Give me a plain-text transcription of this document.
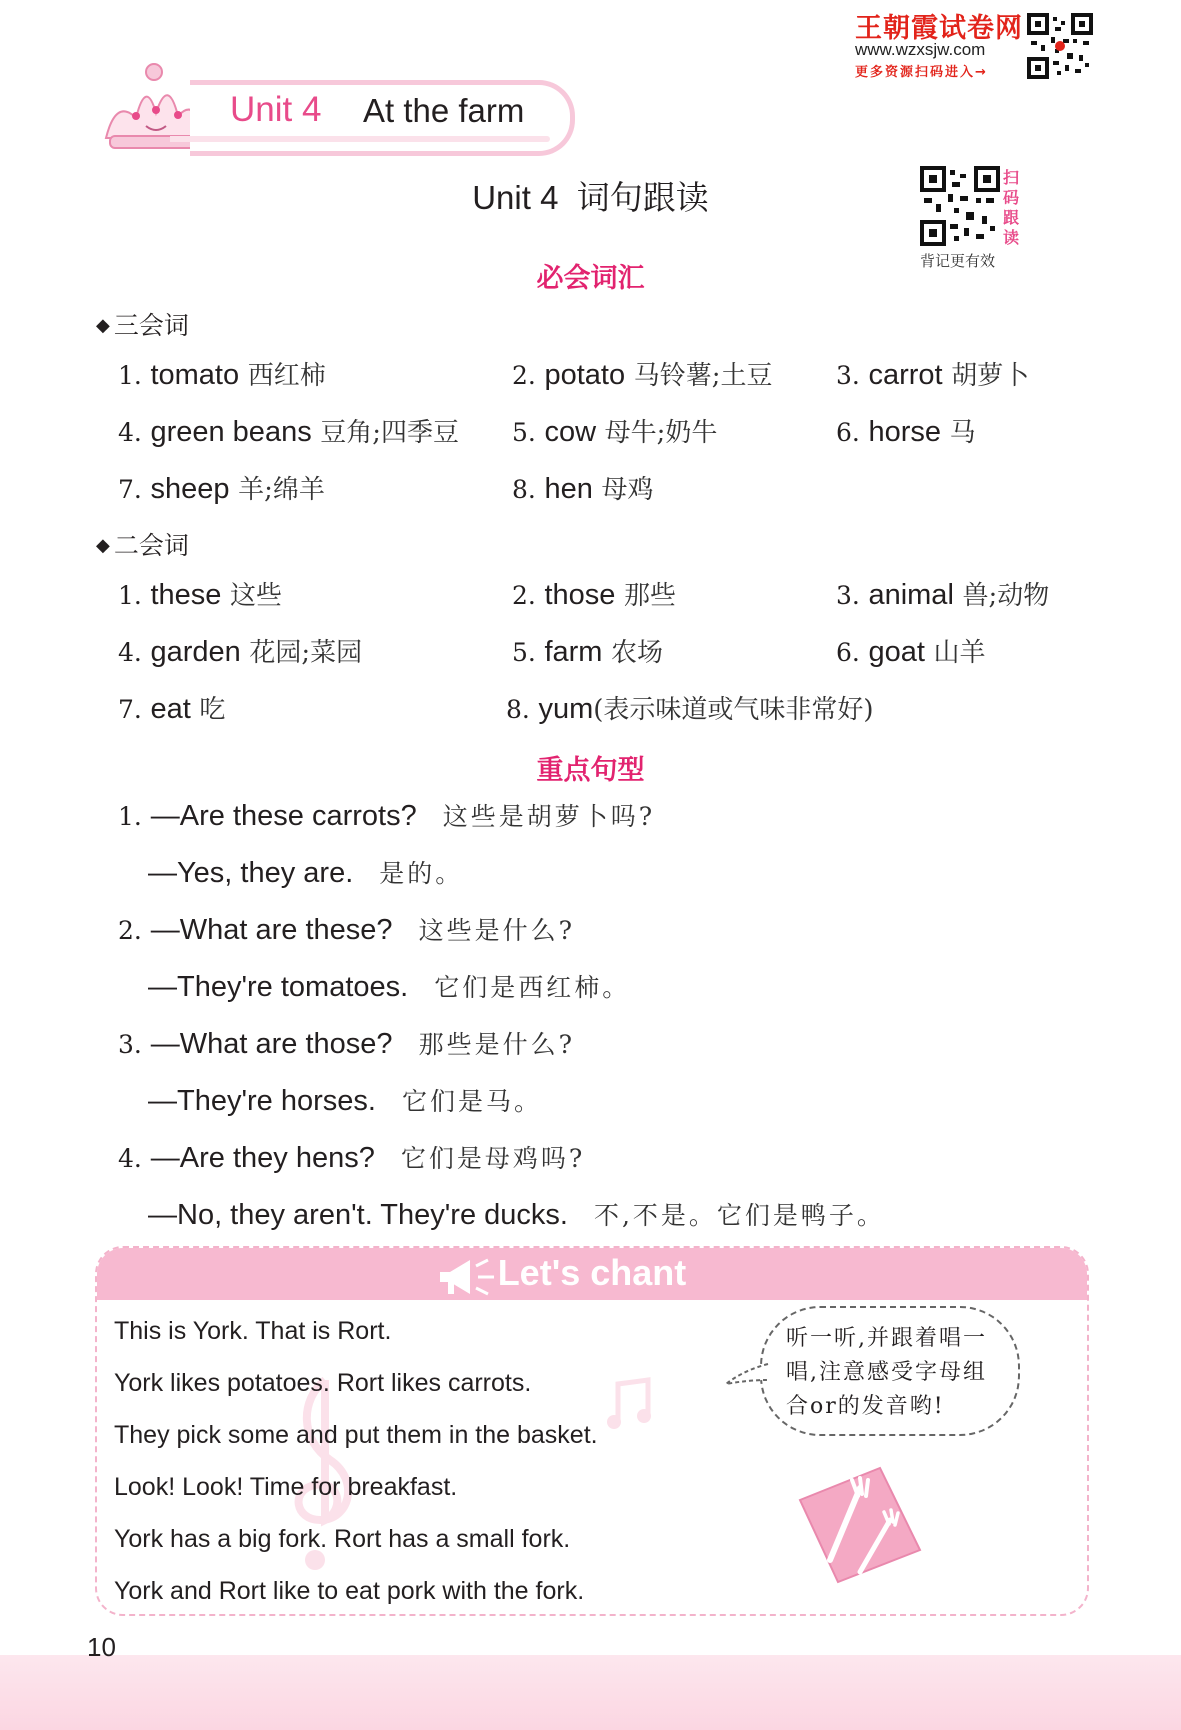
王朝霞试卷网
www.wzxsjw.com
更多资源扫码进入→
Unit 4 At the farm
Unit 4  词句跟读
扫码跟读
背记更有效
必会词汇
◆ 三会词
1. tomato 西红柿	2. potato 马铃薯;土豆	3. carrot 胡萝卜
4. green beans 豆角;四季豆 5. cow 母牛;奶牛	6. horse 马
7. sheep 羊;绵羊	8. hen 母鸡
◆ 二会词
1. these 这些	2. those 那些	3. animal 兽;动物
4. garden 花园;菜园	5. farm 农场	6. goat 山羊
7. eat 吃	8. yum(表示味道或气味非常好)
重点句型
1. —Are these carrots? 这些是胡萝卜吗?
—Yes, they are. 是的。
2. —What are these? 这些是什么?
—They're tomatoes. 它们是西红柿。
3. —What are those? 那些是什么?
—They're horses. 它们是马。
4. —Are they hens? 它们是母鸡吗?
—No, they aren't. They're ducks. 不,不是。它们是鸭子。
Let's chant
This is York. That is Rort.
York likes potatoes. Rort likes carrots.
They pick some and put them in the basket.
Look! Look! Time for breakfast.
York has a big fork. Rort has a small fork.
York and Rort like to eat pork with the fork.
听一听,并跟着唱一唱,注意感受字母组合or的发音哟!
10
